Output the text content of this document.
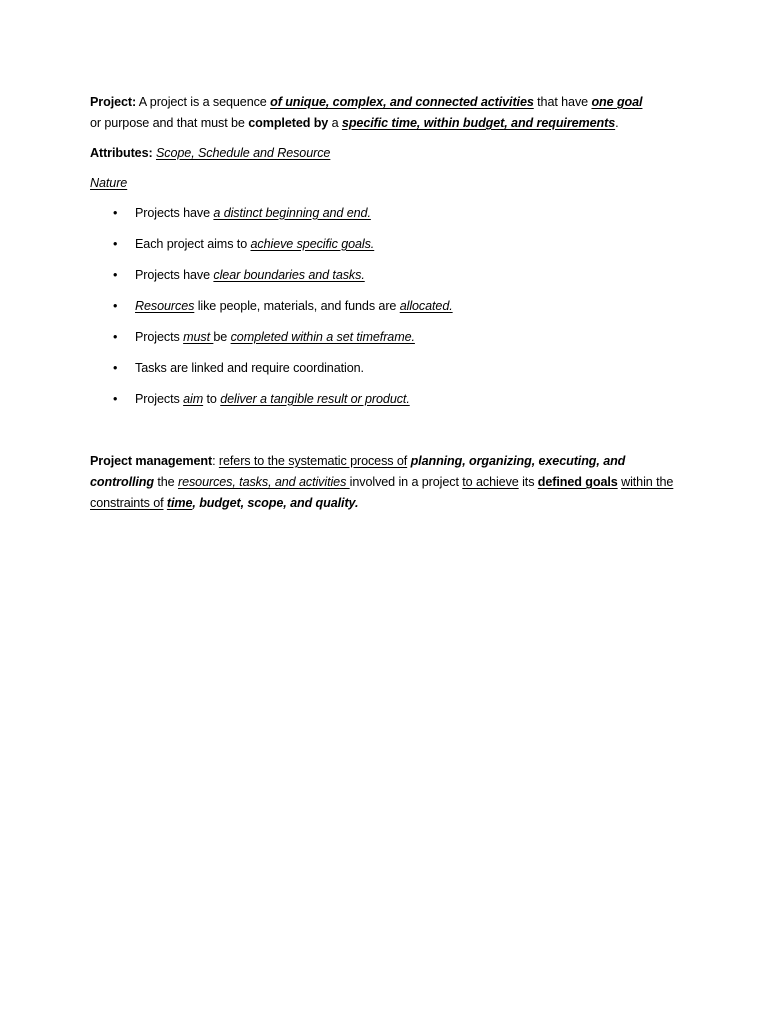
Project: A project is a sequence of unique, complex, and connected activities that have one goal
or purpose and that must be completed by a specific time, within budget, and requirements.

Attributes: Scope, Schedule and Resource

Nature

• Projects have a distinct beginning and end.
• Each project aims to achieve specific goals.
• Projects have clear boundaries and tasks.
• Resources like people, materials, and funds are allocated.
• Projects must be completed within a set timeframe.
• Tasks are linked and require coordination.
• Projects aim to deliver a tangible result or product.

Project management: refers to the systematic process of planning, organizing, executing, and controlling the resources, tasks, and activities involved in a project to achieve its defined goals within the constraints of time, budget, scope, and quality.
